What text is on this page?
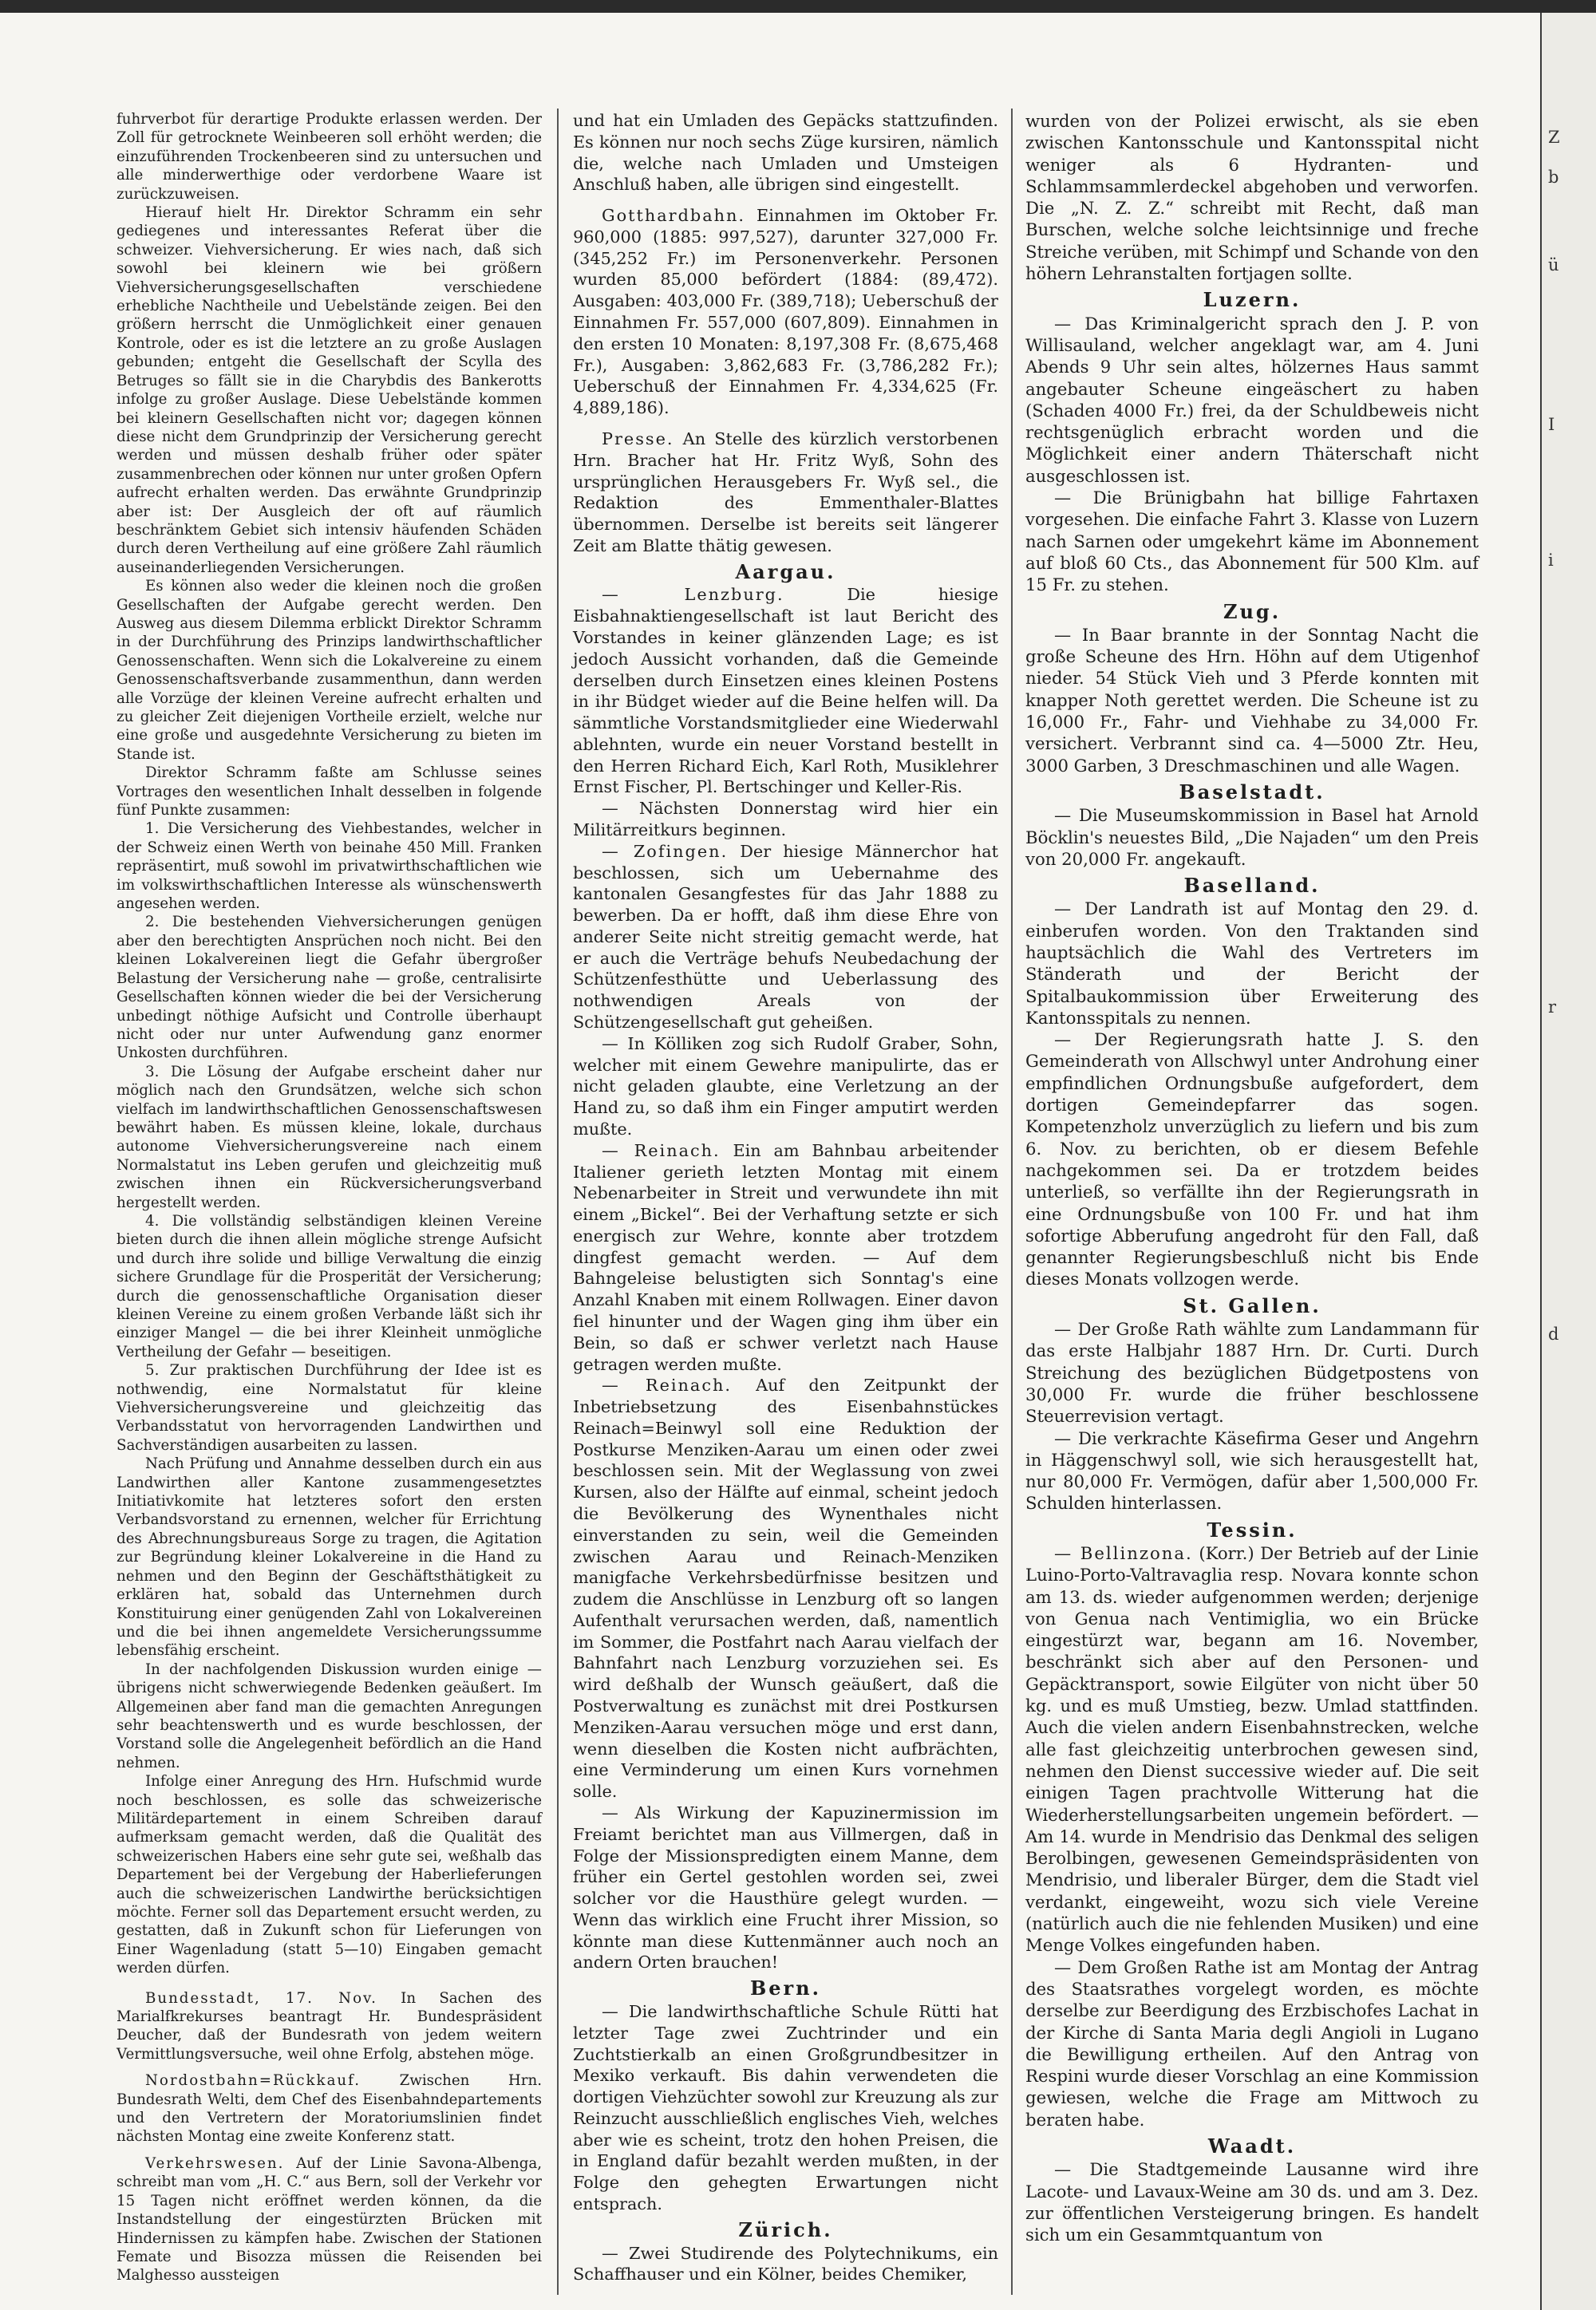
Z
b
ü
I
i
r
d

fuhrverbot für derartige Produkte erlassen werden. Der Zoll für getrocknete Weinbeeren soll erhöht werden; die einzuführenden Trockenbeeren sind zu untersuchen und alle minderwerthige oder verdorbene Waare ist zurückzuweisen.

Hierauf hielt Hr. Direktor Schramm ein sehr gediegenes und interessantes Referat über die schweizer. Viehversicherung. Er wies nach, daß sich sowohl bei kleinern wie bei größern Viehversicherungsgesellschaften verschiedene erhebliche Nachtheile und Uebelstände zeigen. Bei den größern herrscht die Unmöglichkeit einer genauen Kontrole, oder es ist die letztere an zu große Auslagen gebunden; entgeht die Gesellschaft der Scylla des Betruges so fällt sie in die Charybdis des Bankerotts infolge zu großer Auslage. Diese Uebelstände kommen bei kleinern Gesellschaften nicht vor; dagegen können diese nicht dem Grundprinzip der Versicherung gerecht werden und müssen deshalb früher oder später zusammenbrechen oder können nur unter großen Opfern aufrecht erhalten werden. Das erwähnte Grundprinzip aber ist: Der Ausgleich der oft auf räumlich beschränktem Gebiet sich intensiv häufenden Schäden durch deren Vertheilung auf eine größere Zahl räumlich auseinanderliegenden Versicherungen.

Es können also weder die kleinen noch die großen Gesellschaften der Aufgabe gerecht werden. Den Ausweg aus diesem Dilemma erblickt Direktor Schramm in der Durchführung des Prinzips landwirthschaftlicher Genossenschaften. Wenn sich die Lokalvereine zu einem Genossenschaftsverbande zusammenthun, dann werden alle Vorzüge der kleinen Vereine aufrecht erhalten und zu gleicher Zeit diejenigen Vortheile erzielt, welche nur eine große und ausgedehnte Versicherung zu bieten im Stande ist.

Direktor Schramm faßte am Schlusse seines Vortrages den wesentlichen Inhalt desselben in folgende fünf Punkte zusammen:

1. Die Versicherung des Viehbestandes, welcher in der Schweiz einen Werth von beinahe 450 Mill. Franken repräsentirt, muß sowohl im privatwirthschaftlichen wie im volkswirthschaftlichen Interesse als wünschenswerth angesehen werden.

2. Die bestehenden Viehversicherungen genügen aber den berechtigten Ansprüchen noch nicht. Bei den kleinen Lokalvereinen liegt die Gefahr übergroßer Belastung der Versicherung nahe — große, centralisirte Gesellschaften können wieder die bei der Versicherung unbedingt nöthige Aufsicht und Controlle überhaupt nicht oder nur unter Aufwendung ganz enormer Unkosten durchführen.

3. Die Lösung der Aufgabe erscheint daher nur möglich nach den Grundsätzen, welche sich schon vielfach im landwirthschaftlichen Genossenschaftswesen bewährt haben. Es müssen kleine, lokale, durchaus autonome Viehversicherungsvereine nach einem Normalstatut ins Leben gerufen und gleichzeitig muß zwischen ihnen ein Rückversicherungsverband hergestellt werden.

4. Die vollständig selbständigen kleinen Vereine bieten durch die ihnen allein mögliche strenge Aufsicht und durch ihre solide und billige Verwaltung die einzig sichere Grundlage für die Prosperität der Versicherung; durch die genossenschaftliche Organisation dieser kleinen Vereine zu einem großen Verbande läßt sich ihr einziger Mangel — die bei ihrer Kleinheit unmögliche Vertheilung der Gefahr — beseitigen.

5. Zur praktischen Durchführung der Idee ist es nothwendig, eine Normalstatut für kleine Viehversicherungsvereine und gleichzeitig das Verbandsstatut von hervorragenden Landwirthen und Sachverständigen ausarbeiten zu lassen.

Nach Prüfung und Annahme desselben durch ein aus Landwirthen aller Kantone zusammengesetztes Initiativkomite hat letzteres sofort den ersten Verbandsvorstand zu ernennen, welcher für Errichtung des Abrechnungsbureaus Sorge zu tragen, die Agitation zur Begründung kleiner Lokalvereine in die Hand zu nehmen und den Beginn der Geschäftsthätigkeit zu erklären hat, sobald das Unternehmen durch Konstituirung einer genügenden Zahl von Lokalvereinen und die bei ihnen angemeldete Versicherungssumme lebensfähig erscheint.

In der nachfolgenden Diskussion wurden einige — übrigens nicht schwerwiegende Bedenken geäußert. Im Allgemeinen aber fand man die gemachten Anregungen sehr beachtenswerth und es wurde beschlossen, der Vorstand solle die Angelegenheit befördlich an die Hand nehmen.

Infolge einer Anregung des Hrn. Hufschmid wurde noch beschlossen, es solle das schweizerische Militärdepartement in einem Schreiben darauf aufmerksam gemacht werden, daß die Qualität des schweizerischen Habers eine sehr gute sei, weßhalb das Departement bei der Vergebung der Haberlieferungen auch die schweizerischen Landwirthe berücksichtigen möchte. Ferner soll das Departement ersucht werden, zu gestatten, daß in Zukunft schon für Lieferungen von Einer Wagenladung (statt 5—10) Eingaben gemacht werden dürfen.

Bundesstadt, 17. Nov. In Sachen des Marialfkrekurses beantragt Hr. Bundespräsident Deucher, daß der Bundesrath von jedem weitern Vermittlungsversuche, weil ohne Erfolg, abstehen möge.

Nordostbahn=Rückkauf. Zwischen Hrn. Bundesrath Welti, dem Chef des Eisenbahndepartements und den Vertretern der Moratoriumslinien findet nächsten Montag eine zweite Konferenz statt.

Verkehrswesen. Auf der Linie Savona-Albenga, schreibt man vom „H. C.“ aus Bern, soll der Verkehr vor 15 Tagen nicht eröffnet werden können, da die Instandstellung der eingestürzten Brücken mit Hindernissen zu kämpfen habe. Zwischen der Stationen Femate und Bisozza müssen die Reisenden bei Malghesso aussteigen

und hat ein Umladen des Gepäcks stattzufinden. Es können nur noch sechs Züge kursiren, nämlich die, welche nach Umladen und Umsteigen Anschluß haben, alle übrigen sind eingestellt.

Gotthardbahn. Einnahmen im Oktober Fr. 960,000 (1885: 997,527), darunter 327,000 Fr. (345,252 Fr.) im Personenverkehr. Personen wurden 85,000 befördert (1884: (89,472). Ausgaben: 403,000 Fr. (389,718); Ueberschuß der Einnahmen Fr. 557,000 (607,809). Einnahmen in den ersten 10 Monaten: 8,197,308 Fr. (8,675,468 Fr.), Ausgaben: 3,862,683 Fr. (3,786,282 Fr.); Ueberschuß der Einnahmen Fr. 4,334,625 (Fr. 4,889,186).

Presse. An Stelle des kürzlich verstorbenen Hrn. Bracher hat Hr. Fritz Wyß, Sohn des ursprünglichen Herausgebers Fr. Wyß sel., die Redaktion des Emmenthaler-Blattes übernommen. Derselbe ist bereits seit längerer Zeit am Blatte thätig gewesen.

Aargau.

— Lenzburg. Die hiesige Eisbahnaktiengesellschaft ist laut Bericht des Vorstandes in keiner glänzenden Lage; es ist jedoch Aussicht vorhanden, daß die Gemeinde derselben durch Einsetzen eines kleinen Postens in ihr Büdget wieder auf die Beine helfen will. Da sämmtliche Vorstandsmitglieder eine Wiederwahl ablehnten, wurde ein neuer Vorstand bestellt in den Herren Richard Eich, Karl Roth, Musiklehrer Ernst Fischer, Pl. Bertschinger und Keller-Ris.

— Nächsten Donnerstag wird hier ein Militärreitkurs beginnen.

— Zofingen. Der hiesige Männerchor hat beschlossen, sich um Uebernahme des kantonalen Gesangfestes für das Jahr 1888 zu bewerben. Da er hofft, daß ihm diese Ehre von anderer Seite nicht streitig gemacht werde, hat er auch die Verträge behufs Neubedachung der Schützenfesthütte und Ueberlassung des nothwendigen Areals von der Schützengesellschaft gut geheißen.

— In Kölliken zog sich Rudolf Graber, Sohn, welcher mit einem Gewehre manipulirte, das er nicht geladen glaubte, eine Verletzung an der Hand zu, so daß ihm ein Finger amputirt werden mußte.

— Reinach. Ein am Bahnbau arbeitender Italiener gerieth letzten Montag mit einem Nebenarbeiter in Streit und verwundete ihn mit einem „Bickel“. Bei der Verhaftung setzte er sich energisch zur Wehre, konnte aber trotzdem dingfest gemacht werden. — Auf dem Bahngeleise belustigten sich Sonntag's eine Anzahl Knaben mit einem Rollwagen. Einer davon fiel hinunter und der Wagen ging ihm über ein Bein, so daß er schwer verletzt nach Hause getragen werden mußte.

— Reinach. Auf den Zeitpunkt der Inbetriebsetzung des Eisenbahnstückes Reinach=Beinwyl soll eine Reduktion der Postkurse Menziken-Aarau um einen oder zwei beschlossen sein. Mit der Weglassung von zwei Kursen, also der Hälfte auf einmal, scheint jedoch die Bevölkerung des Wynenthales nicht einverstanden zu sein, weil die Gemeinden zwischen Aarau und Reinach-Menziken manigfache Verkehrsbedürfnisse besitzen und zudem die Anschlüsse in Lenzburg oft so langen Aufenthalt verursachen werden, daß, namentlich im Sommer, die Postfahrt nach Aarau vielfach der Bahnfahrt nach Lenzburg vorzuziehen sei. Es wird deßhalb der Wunsch geäußert, daß die Postverwaltung es zunächst mit drei Postkursen Menziken-Aarau versuchen möge und erst dann, wenn dieselben die Kosten nicht aufbrächten, eine Verminderung um einen Kurs vornehmen solle.

— Als Wirkung der Kapuzinermission im Freiamt berichtet man aus Villmergen, daß in Folge der Missionspredigten einem Manne, dem früher ein Gertel gestohlen worden sei, zwei solcher vor die Hausthüre gelegt wurden. — Wenn das wirklich eine Frucht ihrer Mission, so könnte man diese Kuttenmänner auch noch an andern Orten brauchen!

Bern.

— Die landwirthschaftliche Schule Rütti hat letzter Tage zwei Zuchtrinder und ein Zuchtstierkalb an einen Großgrundbesitzer in Mexiko verkauft. Bis dahin verwendeten die dortigen Viehzüchter sowohl zur Kreuzung als zur Reinzucht ausschließlich englisches Vieh, welches aber wie es scheint, trotz den hohen Preisen, die in England dafür bezahlt werden mußten, in der Folge den gehegten Erwartungen nicht entsprach.

Zürich.

— Zwei Studirende des Polytechnikums, ein Schaffhauser und ein Kölner, beides Chemiker,

wurden von der Polizei erwischt, als sie eben zwischen Kantonsschule und Kantonsspital nicht weniger als 6 Hydranten- und Schlammsammlerdeckel abgehoben und verworfen. Die „N. Z. Z.“ schreibt mit Recht, daß man Burschen, welche solche leichtsinnige und freche Streiche verüben, mit Schimpf und Schande von den höhern Lehranstalten fortjagen sollte.

Luzern.

— Das Kriminalgericht sprach den J. P. von Willisauland, welcher angeklagt war, am 4. Juni Abends 9 Uhr sein altes, hölzernes Haus sammt angebauter Scheune eingeäschert zu haben (Schaden 4000 Fr.) frei, da der Schuldbeweis nicht rechtsgenüglich erbracht worden und die Möglichkeit einer andern Thäterschaft nicht ausgeschlossen ist.

— Die Brünigbahn hat billige Fahrtaxen vorgesehen. Die einfache Fahrt 3. Klasse von Luzern nach Sarnen oder umgekehrt käme im Abonnement auf bloß 60 Cts., das Abonnement für 500 Klm. auf 15 Fr. zu stehen.

Zug.

— In Baar brannte in der Sonntag Nacht die große Scheune des Hrn. Höhn auf dem Utigenhof nieder. 54 Stück Vieh und 3 Pferde konnten mit knapper Noth gerettet werden. Die Scheune ist zu 16,000 Fr., Fahr- und Viehhabe zu 34,000 Fr. versichert. Verbrannt sind ca. 4—5000 Ztr. Heu, 3000 Garben, 3 Dreschmaschinen und alle Wagen.

Baselstadt.

— Die Museumskommission in Basel hat Arnold Böcklin's neuestes Bild, „Die Najaden“ um den Preis von 20,000 Fr. angekauft.

Baselland.

— Der Landrath ist auf Montag den 29. d. einberufen worden. Von den Traktanden sind hauptsächlich die Wahl des Vertreters im Ständerath und der Bericht der Spitalbaukommission über Erweiterung des Kantonsspitals zu nennen.

— Der Regierungsrath hatte J. S. den Gemeinderath von Allschwyl unter Androhung einer empfindlichen Ordnungsbuße aufgefordert, dem dortigen Gemeindepfarrer das sogen. Kompetenzholz unverzüglich zu liefern und bis zum 6. Nov. zu berichten, ob er diesem Befehle nachgekommen sei. Da er trotzdem beides unterließ, so verfällte ihn der Regierungsrath in eine Ordnungsbuße von 100 Fr. und hat ihm sofortige Abberufung angedroht für den Fall, daß genannter Regierungsbeschluß nicht bis Ende dieses Monats vollzogen werde.

St. Gallen.

— Der Große Rath wählte zum Landammann für das erste Halbjahr 1887 Hrn. Dr. Curti. Durch Streichung des bezüglichen Büdgetpostens von 30,000 Fr. wurde die früher beschlossene Steuerrevision vertagt.

— Die verkrachte Käsefirma Geser und Angehrn in Häggenschwyl soll, wie sich herausgestellt hat, nur 80,000 Fr. Vermögen, dafür aber 1,500,000 Fr. Schulden hinterlassen.

Tessin.

— Bellinzona. (Korr.) Der Betrieb auf der Linie Luino-Porto-Valtravaglia resp. Novara konnte schon am 13. ds. wieder aufgenommen werden; derjenige von Genua nach Ventimiglia, wo ein Brücke eingestürzt war, begann am 16. November, beschränkt sich aber auf den Personen- und Gepäcktransport, sowie Eilgüter von nicht über 50 kg. und es muß Umstieg, bezw. Umlad stattfinden. Auch die vielen andern Eisenbahnstrecken, welche alle fast gleichzeitig unterbrochen gewesen sind, nehmen den Dienst successive wieder auf. Die seit einigen Tagen prachtvolle Witterung hat die Wiederherstellungsarbeiten ungemein befördert. — Am 14. wurde in Mendrisio das Denkmal des seligen Berolbingen, gewesenen Gemeindspräsidenten von Mendrisio, und liberaler Bürger, dem die Stadt viel verdankt, eingeweiht, wozu sich viele Vereine (natürlich auch die nie fehlenden Musiken) und eine Menge Volkes eingefunden haben.

— Dem Großen Rathe ist am Montag der Antrag des Staatsrathes vorgelegt worden, es möchte derselbe zur Beerdigung des Erzbischofes Lachat in der Kirche di Santa Maria degli Angioli in Lugano die Bewilligung ertheilen. Auf den Antrag von Respini wurde dieser Vorschlag an eine Kommission gewiesen, welche die Frage am Mittwoch zu beraten habe.

Waadt.

— Die Stadtgemeinde Lausanne wird ihre Lacote- und Lavaux-Weine am 30 ds. und am 3. Dez. zur öffentlichen Versteigerung bringen. Es handelt sich um ein Gesammtquantum von
